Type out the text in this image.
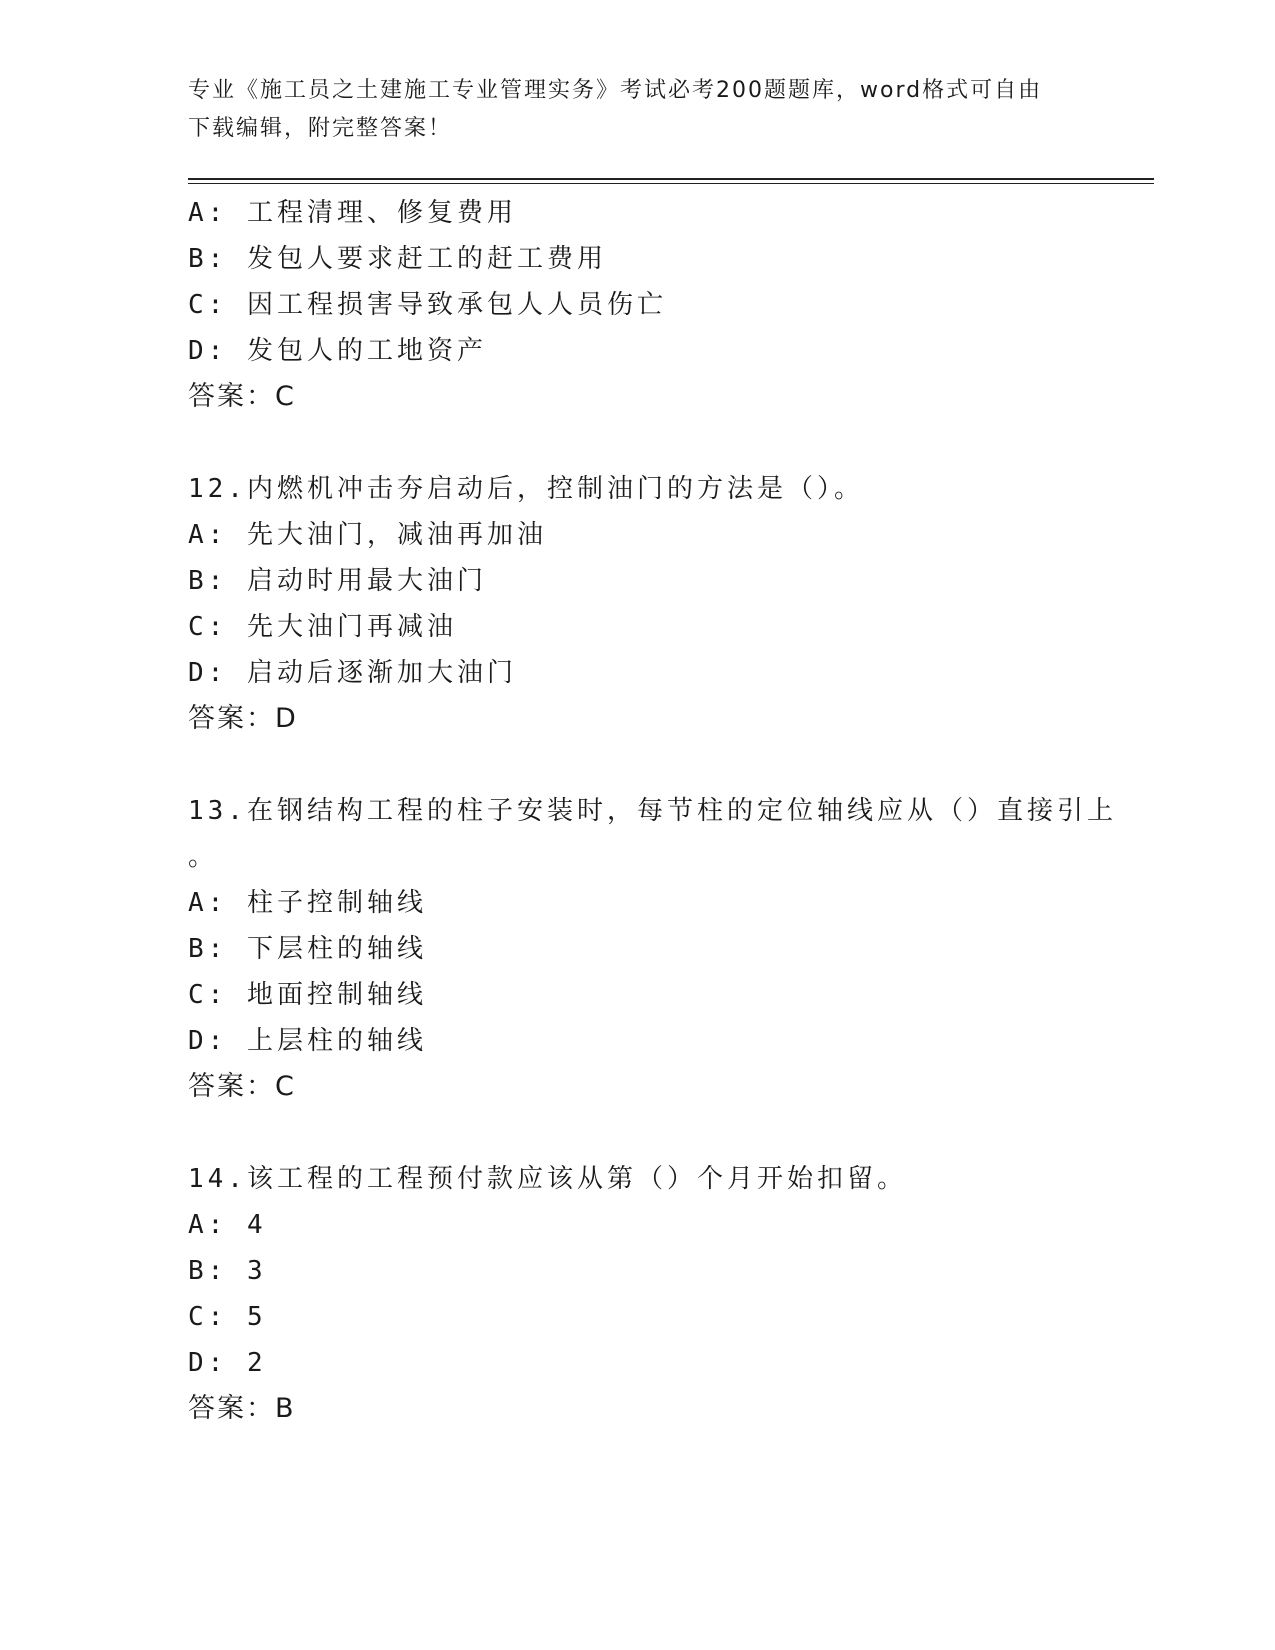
专业《施工员之土建施工专业管理实务》考试必考200题题库，word格式可自由
下载编辑，附完整答案！
A: 工程清理、修复费用
B: 发包人要求赶工的赶工费用
C: 因工程损害导致承包人人员伤亡
D: 发包人的工地资产
答案：C
12.内燃机冲击夯启动后，控制油门的方法是（）。
A: 先大油门，减油再加油
B: 启动时用最大油门
C: 先大油门再减油
D: 启动后逐渐加大油门
答案：D
13.在钢结构工程的柱子安装时，每节柱的定位轴线应从（）直接引上
。
A: 柱子控制轴线
B: 下层柱的轴线
C: 地面控制轴线
D: 上层柱的轴线
答案：C
14.该工程的工程预付款应该从第（）个月开始扣留。
A: 4
B: 3
C: 5
D: 2
答案：B
